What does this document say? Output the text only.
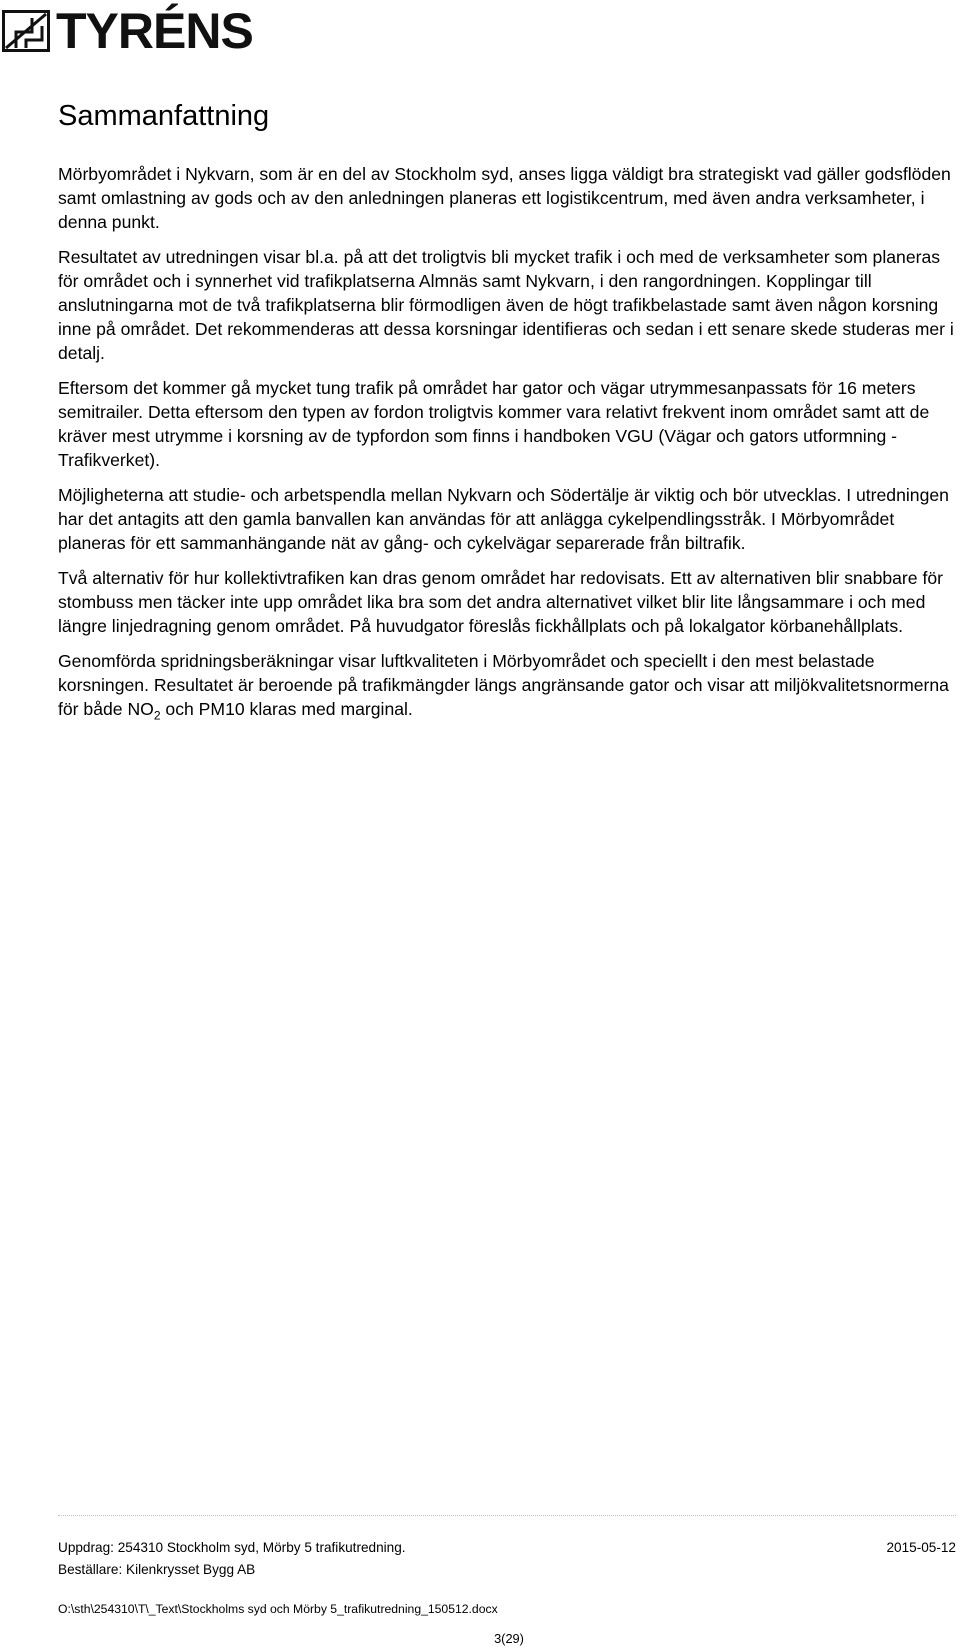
TYRÉNS
Sammanfattning

Mörbyområdet i Nykvarn, som är en del av Stockholm syd, anses ligga väldigt bra strategiskt vad gäller godsflöden samt omlastning av gods och av den anledningen planeras ett logistikcentrum, med även andra verksamheter, i denna punkt.

Resultatet av utredningen visar bl.a. på att det troligtvis bli mycket trafik i och med de verksamheter som planeras för området och i synnerhet vid trafikplatserna Almnäs samt Nykvarn, i den rangordningen. Kopplingar till anslutningarna mot de två trafikplatserna blir förmodligen även de högt trafikbelastade samt även någon korsning inne på området. Det rekommenderas att dessa korsningar identifieras och sedan i ett senare skede studeras mer i detalj.

Eftersom det kommer gå mycket tung trafik på området har gator och vägar utrymmesanpassats för 16 meters semitrailer. Detta eftersom den typen av fordon troligtvis kommer vara relativt frekvent inom området samt att de kräver mest utrymme i korsning av de typfordon som finns i handboken VGU (Vägar och gators utformning - Trafikverket).

Möjligheterna att studie- och arbetspendla mellan Nykvarn och Södertälje är viktig och bör utvecklas. I utredningen har det antagits att den gamla banvallen kan användas för att anlägga cykelpendlingsstråk. I Mörbyområdet planeras för ett sammanhängande nät av gång- och cykelvägar separerade från biltrafik.

Två alternativ för hur kollektivtrafiken kan dras genom området har redovisats. Ett av alternativen blir snabbare för stombuss men täcker inte upp området lika bra som det andra alternativet vilket blir lite långsammare i och med längre linjedragning genom området. På huvudgator föreslås fickhållplats och på lokalgator körbanehållplats.

Genomförda spridningsberäkningar visar luftkvaliteten i Mörbyområdet och speciellt i den mest belastade korsningen. Resultatet är beroende på trafikmängder längs angränsande gator och visar att miljökvalitetsnormerna för både $NO_2$ och PM10 klaras med marginal.

Uppdrag: 254310 Stockholm syd, Mörby 5 trafikutredning.	2015-05-12
Beställare: Kilenkrysset Bygg AB
O:\sth\254310\T\_Text\Stockholms syd och Mörby 5_trafikutredning_150512.docx
3(29)
